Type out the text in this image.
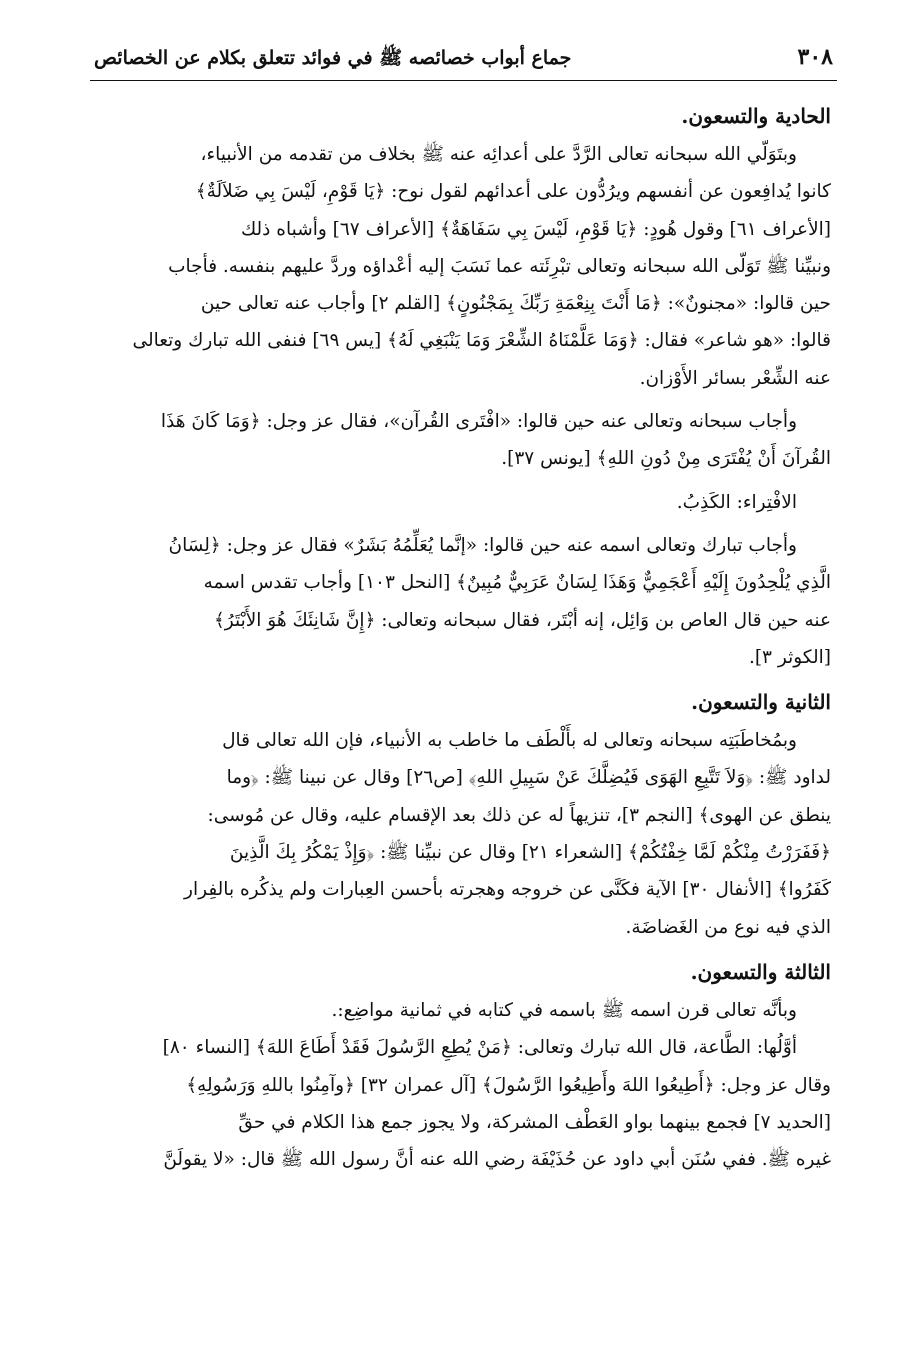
٣٠٨
جماع أبواب خصائصه ﷺ في فوائد تتعلق بكلام عن الخصائص
الحادية والتسعون.
وبتَوَلّي الله سبحانه تعالى الرَّدَّ على أعدائِه عنه ﷺ بخلاف من تقدمه من الأنبياء،
كانوا يُدافِعون عن أنفسهم ويرُدُّون على أعدائهم لقول نوح: ﴿يَا قَوْمِ، لَيْسَ بِي ضَلاَلَةٌ﴾
[الأعراف ٦١] وقول هُودٍ: ﴿يَا قَوْمِ، لَيْسَ بِي سَفَاهَةٌ﴾ [الأعراف ٦٧] وأشباه ذلك
ونبيِّنا ﷺ تَوَلّى الله سبحانه وتعالى تبْرِئَته عما نَسَبَ إليه أعْداؤه وردَّ عليهم بنفسه. فأجاب
حين قالوا: «مجنونٌ»: ﴿مَا أَنْتَ بِنِعْمَةِ رَبِّكَ بِمَجْنُونٍ﴾ [القلم ٢] وأجاب عنه تعالى حين
قالوا: «هو شاعر» فقال: ﴿وَمَا عَلَّمْنَاهُ الشِّعْرَ وَمَا يَنْبَغِي لَهُ﴾ [يس ٦٩] فنفى الله تبارك وتعالى
عنه الشِّعْر بسائر الأَوْزان.
وأجاب سبحانه وتعالى عنه حين قالوا: «افْتَرى القُرآن»، فقال عز وجل: ﴿وَمَا كَانَ هَذَا
القُرآنَ أَنْ يُفْتَرَى مِنْ دُونِ اللهِ﴾ [يونس ٣٧].
الافْتِراء: الكَذِبُ.
وأجاب تبارك وتعالى اسمه عنه حين قالوا: «إنَّما يُعَلِّمُهُ بَشَرٌ» فقال عز وجل: ﴿لِسَانُ
الَّذِي يُلْحِدُونَ إِلَيْهِ أَعْجَمِيٌّ وَهَذَا لِسَانٌ عَرَبِيٌّ مُبِينٌ﴾ [النحل ١٠٣] وأجاب تقدس اسمه
عنه حين قال العاص بن وَائِل، إنه أبْتَر، فقال سبحانه وتعالى: ﴿إِنَّ شَانِئَكَ هُوَ الأَبْتَرُ﴾
[الكوثر ٣].
الثانية والتسعون.
وبمُخاطَبَتِه سبحانه وتعالى له بأَلْطَف ما خاطب به الأنبياء، فإن الله تعالى قال
لداود ﷺ: ﴿وَلاَ تَتَّبِعِ الهَوَى فَيُضِلَّكَ عَنْ سَبِيلِ اللهِ﴾ [ص٢٦] وقال عن نبينا ﷺ: ﴿وما
ينطق عن الهوى﴾ [النجم ٣]، تنزيهاً له عن ذلك بعد الإقسام عليه، وقال عن مُوسى:
﴿فَفَرَرْتُ مِنْكُمْ لَمَّا خِفْتُكُمْ﴾ [الشعراء ٢١] وقال عن نبيِّنا ﷺ: ﴿وَإِذْ يَمْكُرُ بِكَ الَّذِينَ
كَفَرُوا﴾ [الأنفال ٣٠] الآية فكَنَّى عن خروجه وهجرته بأحسن العِبارات ولم يذكُره بالفِرار
الذي فيه نوع من الغَضاضَة.
الثالثة والتسعون.
وبأنَّه تعالى قرن اسمه ﷺ باسمه في كتابه في ثمانية مواضِع:.
أوَّلُها: الطَّاعة، قال الله تبارك وتعالى: ﴿مَنْ يُطِعِ الرَّسُولَ فَقَدْ أَطَاعَ اللهَ﴾ [النساء ٨٠]
وقال عز وجل: ﴿أَطِيعُوا اللهَ وأَطِيعُوا الرَّسُولَ﴾ [آل عمران ٣٢] ﴿وآمِنُوا باللهِ وَرَسُولِهِ﴾
[الحديد ٧] فجمع بينهما بواو العَطْف المشركة، ولا يجوز جمع هذا الكلام في حقِّ
غيره ﷺ. ففي سُنَن أبي داود عن حُذَيْفَة رضي الله عنه أنَّ رسول الله ﷺ قال: «لا يقولَنَّ
